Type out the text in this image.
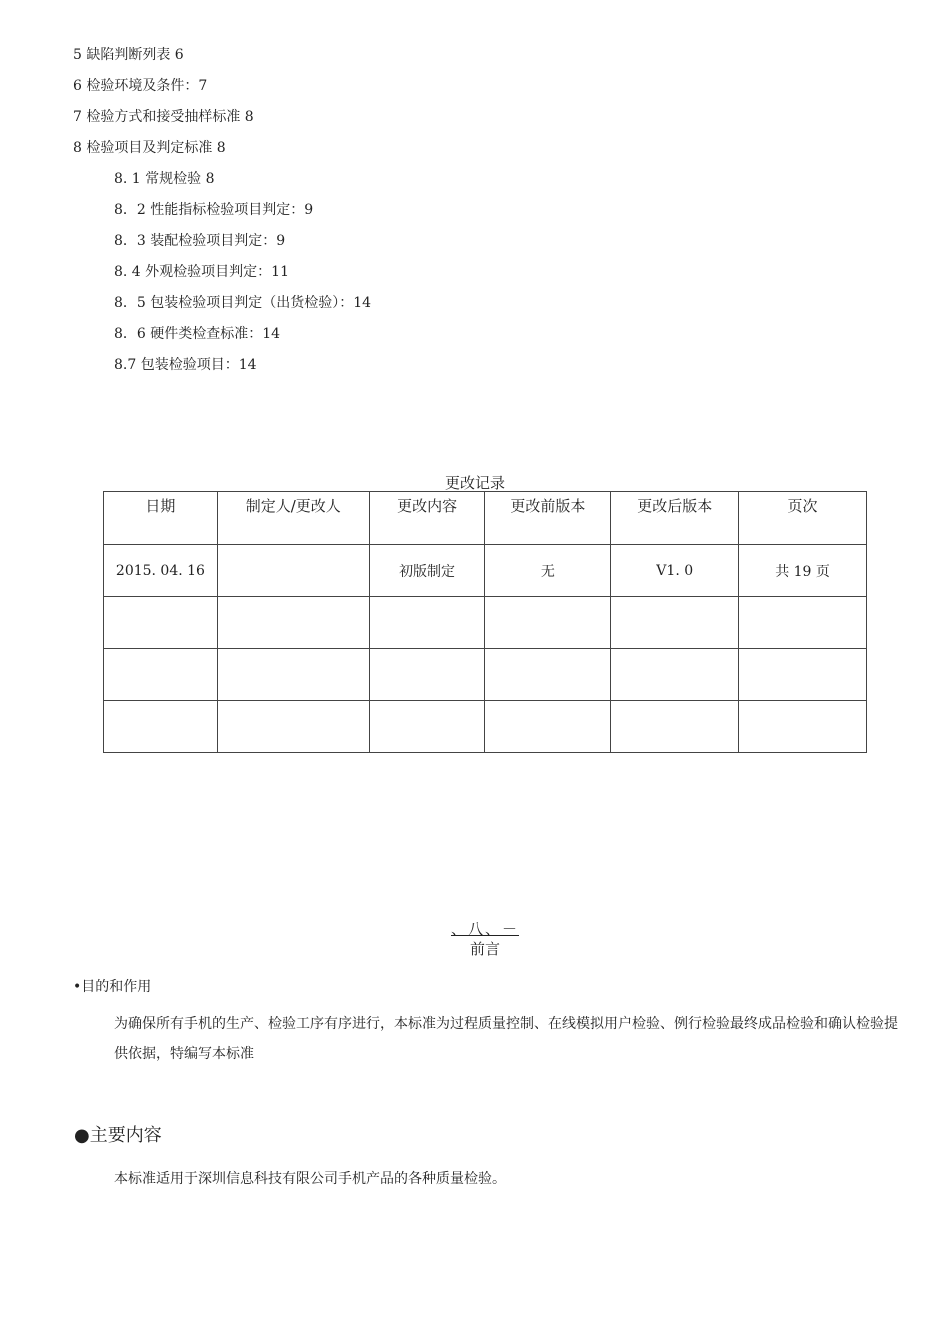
5 缺陷判断列表 6
6 检验环境及条件：7
7 检验方式和接受抽样标准 8
8 检验项目及判定标准 8
8. 1 常规检验 8
8．2 性能指标检验项目判定：9
8．3 装配检验项目判定：9
8. 4 外观检验项目判定：11
8．5 包装检验项目判定（出货检验）：14
8．6 硬件类检查标准：14
8.7 包装检验项目：14
更改记录
日期	制定人/更改人	更改内容	更改前版本	更改后版本	页次
2015. 04. 16		初版制定	无	V1. 0	共 19 页

、八、－
前言
•目的和作用
为确保所有手机的生产、检验工序有序进行，本标准为过程质量控制、在线模拟用户检验、例行检验最终成品检验和确认检验提供依据，特编写本标准
●主要内容
本标准适用于深圳信息科技有限公司手机产品的各种质量检验。
